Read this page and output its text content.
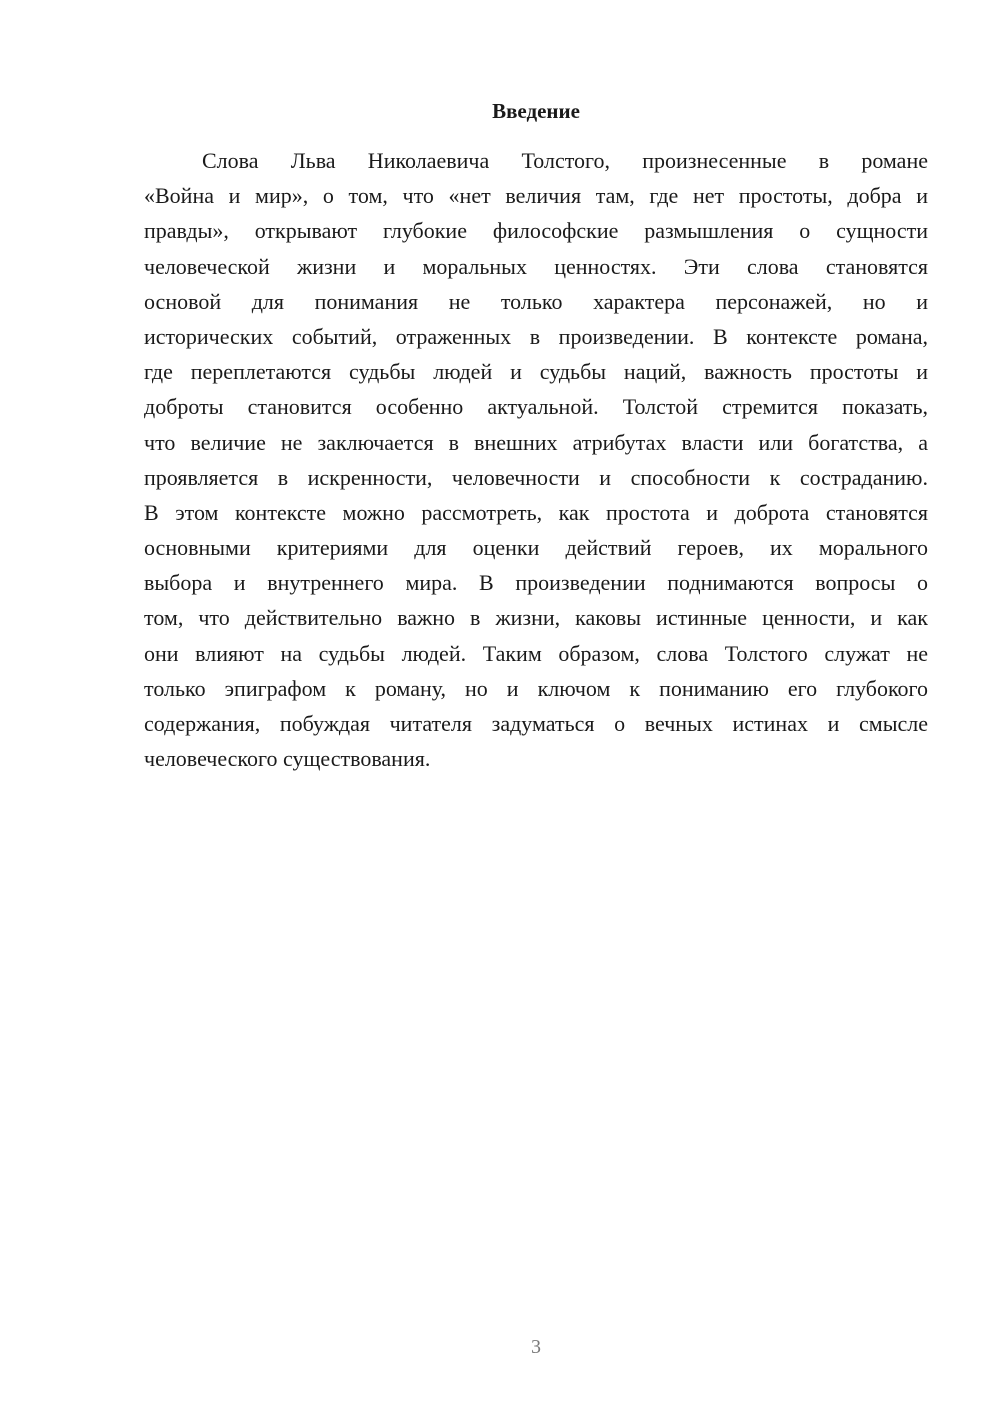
Введение

Слова Льва Николаевича Толстого, произнесенные в романе
«Война и мир», о том, что «нет величия там, где нет простоты, добра и
правды», открывают глубокие философские размышления о сущности
человеческой жизни и моральных ценностях. Эти слова становятся
основой для понимания не только характера персонажей, но и
исторических событий, отраженных в произведении. В контексте романа,
где переплетаются судьбы людей и судьбы наций, важность простоты и
доброты становится особенно актуальной. Толстой стремится показать,
что величие не заключается в внешних атрибутах власти или богатства, а
проявляется в искренности, человечности и способности к состраданию.
В этом контексте можно рассмотреть, как простота и доброта становятся
основными критериями для оценки действий героев, их морального
выбора и внутреннего мира. В произведении поднимаются вопросы о
том, что действительно важно в жизни, каковы истинные ценности, и как
они влияют на судьбы людей. Таким образом, слова Толстого служат не
только эпиграфом к роману, но и ключом к пониманию его глубокого
содержания, побуждая читателя задуматься о вечных истинах и смысле
человеческого существования.

3
